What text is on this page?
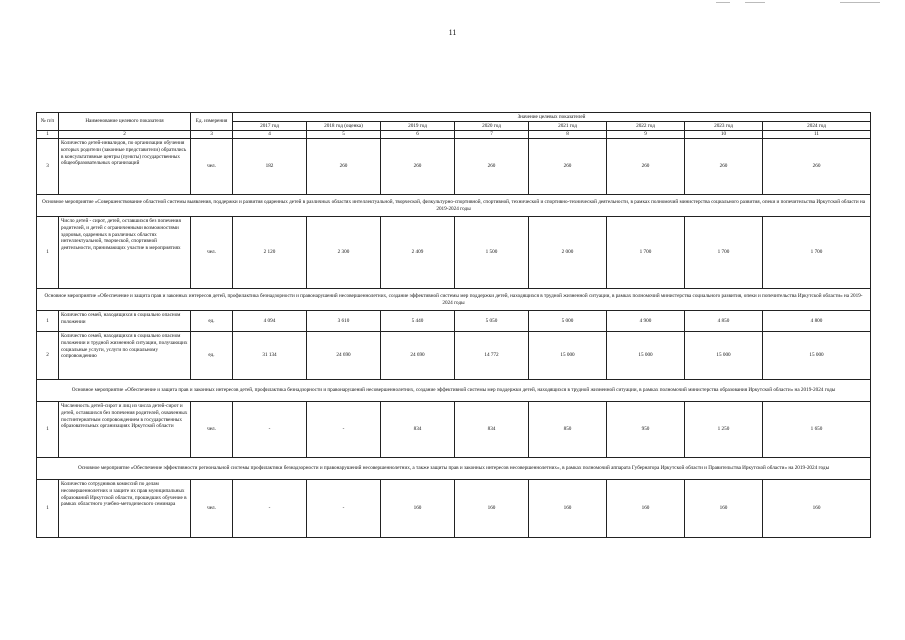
11
№ п/п	Наименование целевого показателя	Ед. измерения	Значение целевых показателей							
			2017 год	2018 год (оценка)	2019 год	2020 год	2021 год	2022 год	2023 год	2024 год
1	2	3	4	5	6	7	8	9	10	11
3	Количество детей-инвалидов, по организации обучения которых родители (законные представители) обратились в консультативные центры (пункты) государственных общеобразовательных организаций	чел.	182	260	260	260	260	260	260	260
Основное мероприятие «Совершенствование областной системы выявления, поддержки и развития одаренных детей в различных областях интеллектуальной, творческой, физкультурно-спортивной, спортивной, технической и спортивно-технической деятельности, в рамках полномочий министерства социального развития, опеки и попечительства Иркутской области на 2019-2024 годы										
1	Число детей - сирот, детей, оставшихся без попечения родителей, и детей с ограниченными возможностями здоровья, одаренных в различных областях интеллектуальной, творческой, спортивной деятельности, принимающих участие в мероприятиях	чел.	2 120	2 300	2 409	1 500	2 000	1 700	1 700	1 700
Основное мероприятие «Обеспечение и защита прав и законных интересов детей, профилактика безнадзорности и правонарушений несовершеннолетних, создание эффективной системы мер поддержки детей, находящихся в трудной жизненной ситуации, в рамках полномочий министерства социального развития, опеки и попечительства Иркутской области» на 2019-2024 годы										
1	Количество семей, находящихся в социально опасном положении	ед.	4 094	3 610	5 440	5 050	5 000	4 900	4 850	4 800
2	Количество семей, находящихся в социально опасном положении и трудной жизненной ситуации, получающих социальные услуги, услуги по социальному сопровождению	ед.	31 134	24 690	24 690	14 772	15 000	15 000	15 000	15 000
Основное мероприятие «Обеспечение и защита прав и законных интересов детей, профилактика безнадзорности и правонарушений несовершеннолетних, создание эффективной системы мер поддержки детей, находящихся в трудной жизненной ситуации, в рамках полномочий министерства образования Иркутской области» на 2019-2024 годы										
1	Численность детей-сирот и лиц из числа детей-сирот и детей, оставшихся без попечения родителей, охваченных постинтернатным сопровождением в государственных образовательных организациях Иркутской области	чел.	-	-	834	834	850	950	1 250	1 650
Основное мероприятие «Обеспечение эффективности региональной системы профилактики безнадзорности и правонарушений несовершеннолетних, а также защиты прав и законных интересов несовершеннолетних», в рамках полномочий аппарата Губернатора Иркутской области и Правительства Иркутской области» на 2019-2024 годы										
1	Количество сотрудников комиссий по делам несовершеннолетних и защите их прав муниципальных образований Иркутской области, прошедших обучение в рамках областного учебно-методического семинара	чел.	-	-	160	160	160	160	160	160
